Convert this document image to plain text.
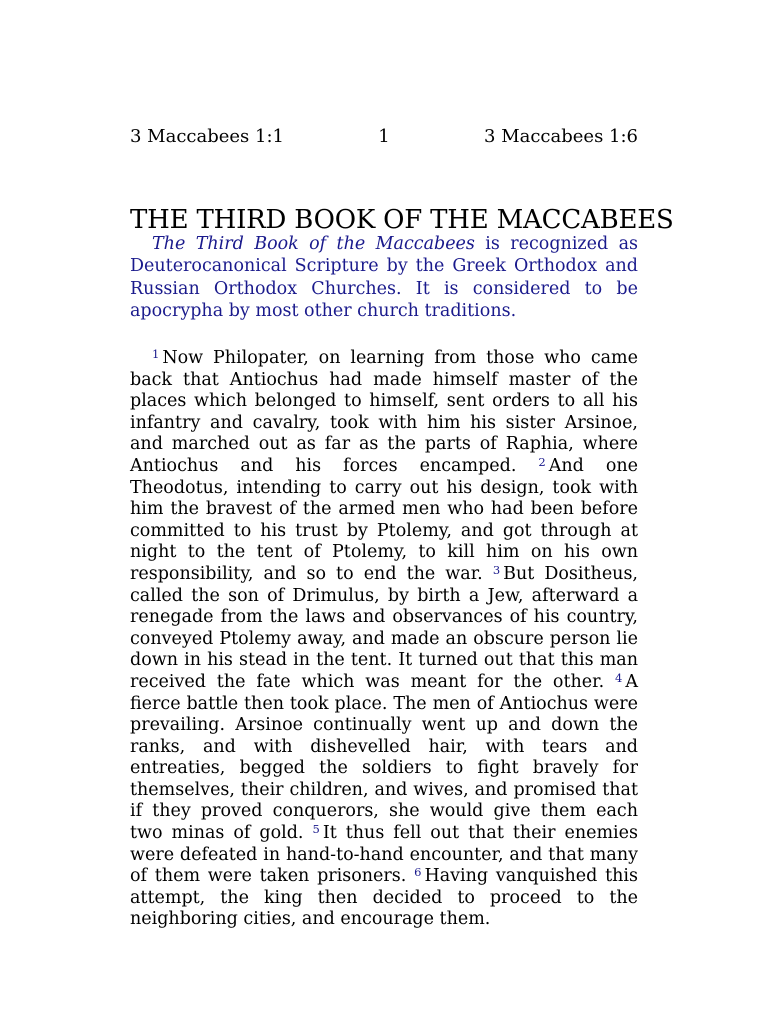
3 Maccabees 1:1	1	3 Maccabees 1:6
THE THIRD BOOK OF THE MACCABEES

The Third Book of the Maccabees is recognized as Deuterocanonical Scripture by the Greek Orthodox and Russian Orthodox Churches. It is considered to be apocrypha by most other church traditions.

$^1$ Now Philopater, on learning from those who came back that Antiochus had made himself master of the places which belonged to himself, sent orders to all his infantry and cavalry, took with him his sister Arsinoe, and marched out as far as the parts of Raphia, where Antiochus and his forces encamped. $^2$ And one Theodotus, intending to carry out his design, took with him the bravest of the armed men who had been before committed to his trust by Ptolemy, and got through at night to the tent of Ptolemy, to kill him on his own responsibility, and so to end the war. $^3$ But Dositheus, called the son of Drimulus, by birth a Jew, afterward a renegade from the laws and observances of his country, conveyed Ptolemy away, and made an obscure person lie down in his stead in the tent. It turned out that this man received the fate which was meant for the other. $^4$ A fierce battle then took place. The men of Antiochus were prevailing. Arsinoe continually went up and down the ranks, and with dishevelled hair, with tears and entreaties, begged the soldiers to fight bravely for themselves, their children, and wives, and promised that if they proved conquerors, she would give them each two minas of gold. $^5$ It thus fell out that their enemies were defeated in hand-to-hand encounter, and that many of them were taken prisoners. $^6$ Having vanquished this attempt, the king then decided to proceed to the neighboring cities, and encourage them.
